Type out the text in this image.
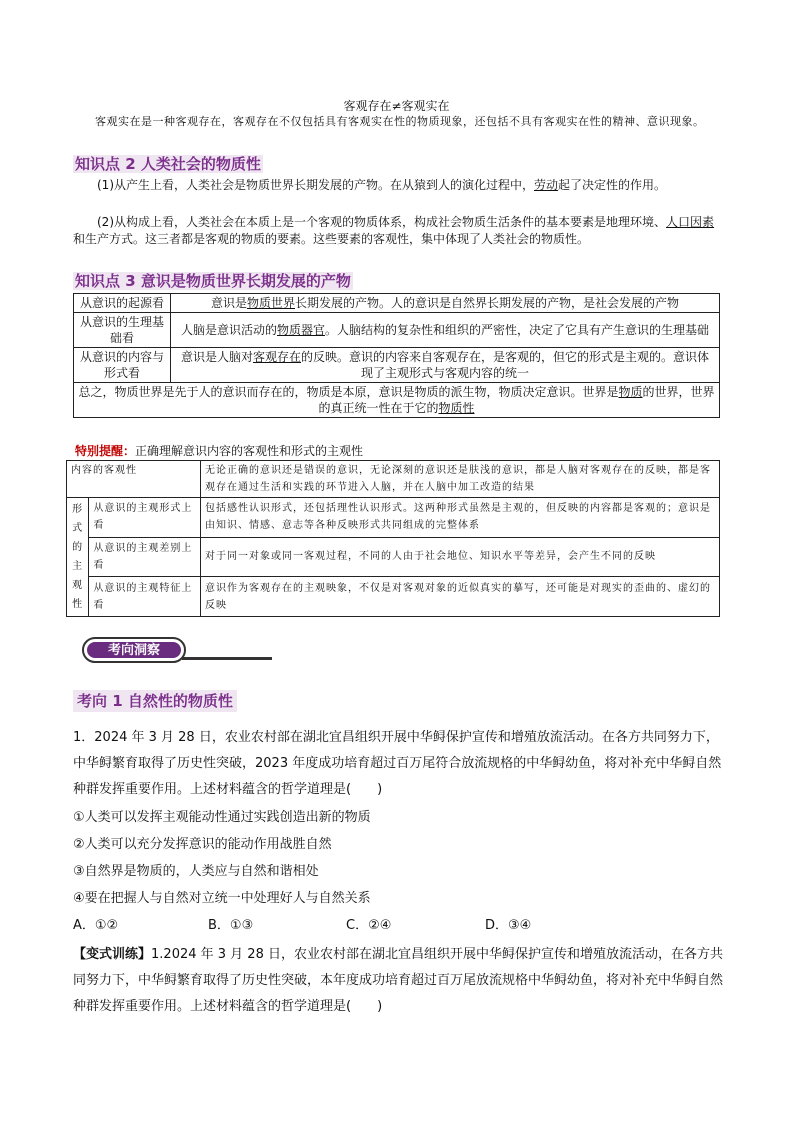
客观存在≠客观实在
客观实在是一种客观存在，客观存在不仅包括具有客观实在性的物质现象，还包括不具有客观实在性的精神、意识现象。
知识点 2 人类社会的物质性
(1)从产生上看，人类社会是物质世界长期发展的产物。在从猿到人的演化过程中，劳动起了决定性的作用。
(2)从构成上看，人类社会在本质上是一个客观的物质体系，构成社会物质生活条件的基本要素是地理环境、人口因素和生产方式。这三者都是客观的物质的要素。这些要素的客观性，集中体现了人类社会的物质性。
知识点 3 意识是物质世界长期发展的产物
从意识的起源看	意识是物质世界长期发展的产物。人的意识是自然界长期发展的产物，是社会发展的产物
从意识的生理基础看	人脑是意识活动的物质器官。人脑结构的复杂性和组织的严密性，决定了它具有产生意识的生理基础
从意识的内容与形式看	意识是人脑对客观存在的反映。意识的内容来自客观存在，是客观的，但它的形式是主观的。意识体现了主观形式与客观内容的统一
总之，物质世界是先于人的意识而存在的，物质是本原，意识是物质的派生物，物质决定意识。世界是物质的世界，世界的真正统一性在于它的物质性	
特别提醒：正确理解意识内容的客观性和形式的主观性
内容的客观性		无论正确的意识还是错误的意识，无论深刻的意识还是肤浅的意识，都是人脑对客观存在的反映，都是客观存在通过生活和实践的环节进入人脑，并在人脑中加工改造的结果
形式的主观性	从意识的主观形式上看	包括感性认识形式，还包括理性认识形式。这两种形式虽然是主观的，但反映的内容都是客观的；意识是由知识、情感、意志等各种反映形式共同组成的完整体系
	从意识的主观差别上看	对于同一对象或同一客观过程，不同的人由于社会地位、知识水平等差异，会产生不同的反映
	从意识的主观特征上看	意识作为客观存在的主观映象，不仅是对客观对象的近似真实的摹写，还可能是对现实的歪曲的、虚幻的反映
考向洞察
考向 1 自然性的物质性
1．2024 年 3 月 28 日，农业农村部在湖北宜昌组织开展中华鲟保护宣传和增殖放流活动。在各方共同努力下，中华鲟繁育取得了历史性突破，2023 年度成功培育超过百万尾符合放流规格的中华鲟幼鱼，将对补充中华鲟自然种群发挥重要作用。上述材料蕴含的哲学道理是(　　)
①人类可以发挥主观能动性通过实践创造出新的物质
②人类可以充分发挥意识的能动作用战胜自然
③自然界是物质的，人类应与自然和谐相处
④要在把握人与自然对立统一中处理好人与自然关系
A．①②	B．①③	C．②④	D．③④
【变式训练】1.2024 年 3 月 28 日，农业农村部在湖北宜昌组织开展中华鲟保护宣传和增殖放流活动，在各方共同努力下，中华鲟繁育取得了历史性突破，本年度成功培育超过百万尾放流规格中华鲟幼鱼，将对补充中华鲟自然种群发挥重要作用。上述材料蕴含的哲学道理是(　　)
